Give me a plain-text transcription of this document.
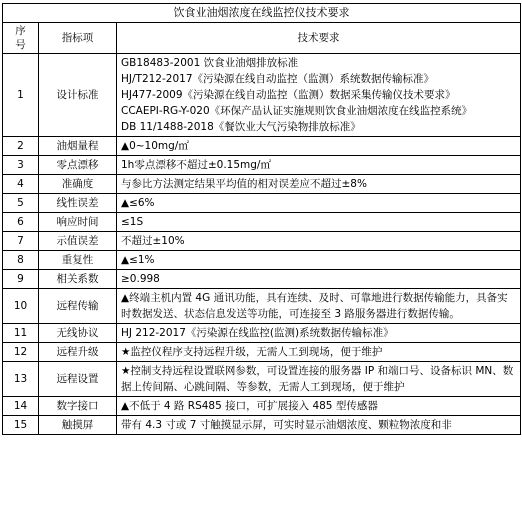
饮食业油烟浓度在线监控仪技术要求		
序
号	指标项	技术要求
1	设计标准	GB18483-2001 饮食业油烟排放标准
HJ/T212-2017《污染源在线自动监控（监测）系统数据传输标准》
HJ477-2009《污染源在线自动监控（监测）数据采集传输仪技术要求》
CCAEPI-RG-Y-020《环保产品认证实施规则饮食业油烟浓度在线监控系统》
DB 11/1488-2018《餐饮业大气污染物排放标准》

2	油烟量程	▲0~10mg/㎡

3	零点漂移	1h零点漂移不超过±0.15mg/㎡

4	准确度	与参比方法测定结果平均值的相对误差应不超过±8%

5	线性误差	▲≤6%

6	响应时间	≤1S

7	示值误差	不超过±10%

8	重复性	▲≤1%

9	相关系数	≥0.998

10	远程传输	▲终端主机内置 4G 通讯功能，具有连续、及时、可靠地进行数据传输能力，具备实时数据发送、状态信息发送等功能，可连接至 3 路服务器进行数据传输。

11	无线协议	HJ 212-2017《污染源在线监控(监测)系统数据传输标准》

12	远程升级	★监控仪程序支持远程升级，无需人工到现场，便于维护

13	远程设置	★控制支持远程设置联网参数，可设置连接的服务器 IP 和端口号、设备标识 MN、数据上传间隔、心跳间隔、等参数，无需人工到现场，便于维护

14	数字接口	▲不低于 4 路 RS485 接口，可扩展接入 485 型传感器

15	触摸屏	带有 4.3 寸或 7 寸触摸显示屏，可实时显示油烟浓度、颗粒物浓度和非
